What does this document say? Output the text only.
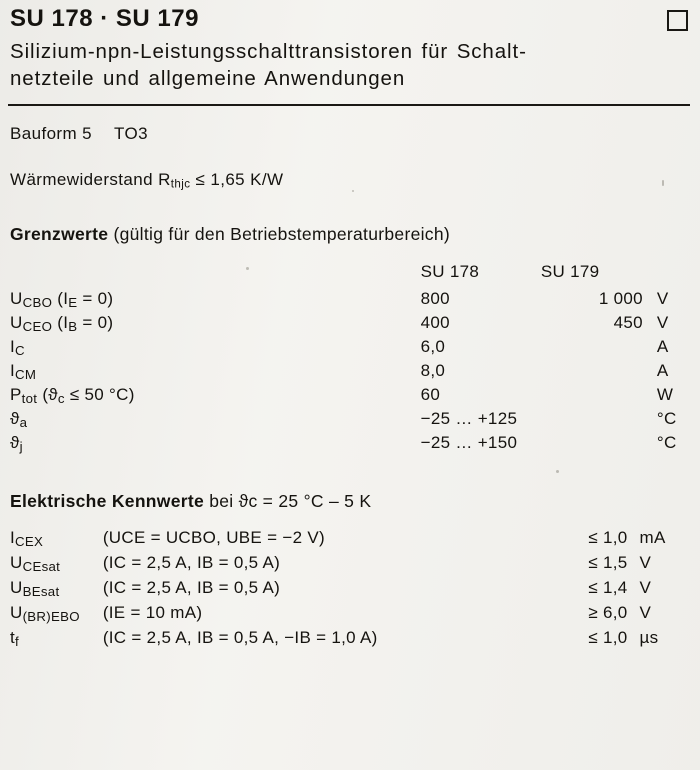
SU 178 · SU 179
Silizium-npn-Leistungsschalttransistoren für Schalt-
netzteile und allgemeine Anwendungen
Bauform 5 TO3
Wärmewiderstand $R_{thjc} \le 1,65$ K/W
Grenzwerte (gültig für den Betriebstemperaturbereich)
	SU 178	SU 179	
$U_{CBO}$ $(I_E = 0)$	800	1 000	V
$U_{CEO}$ $(I_B = 0)$	400	450	V
$I_C$	6,0		A
$I_{CM}$	8,0		A
$P_{tot}$ ($ϑ_c \le 50$ °C)	60		W
$ϑ_a$	−25 … +125		°C
$ϑ_j$	−25 … +150		°C
Elektrische Kennwerte bei ϑc = 25 °C – 5 K
$I_{CEX}$	(UCE = UCBO, UBE = −2 V)	≤ 1,0	mA
$U_{CEsat}$	(IC = 2,5 A, IB = 0,5 A)	≤ 1,5	V
$U_{BEsat}$	(IC = 2,5 A, IB = 0,5 A)	≤ 1,4	V
$U_{(BR)EBO}$	(IE = 10 mA)	≥ 6,0	V
$t_f$	(IC = 2,5 A, IB = 0,5 A, −IB = 1,0 A)	≤ 1,0	µs
